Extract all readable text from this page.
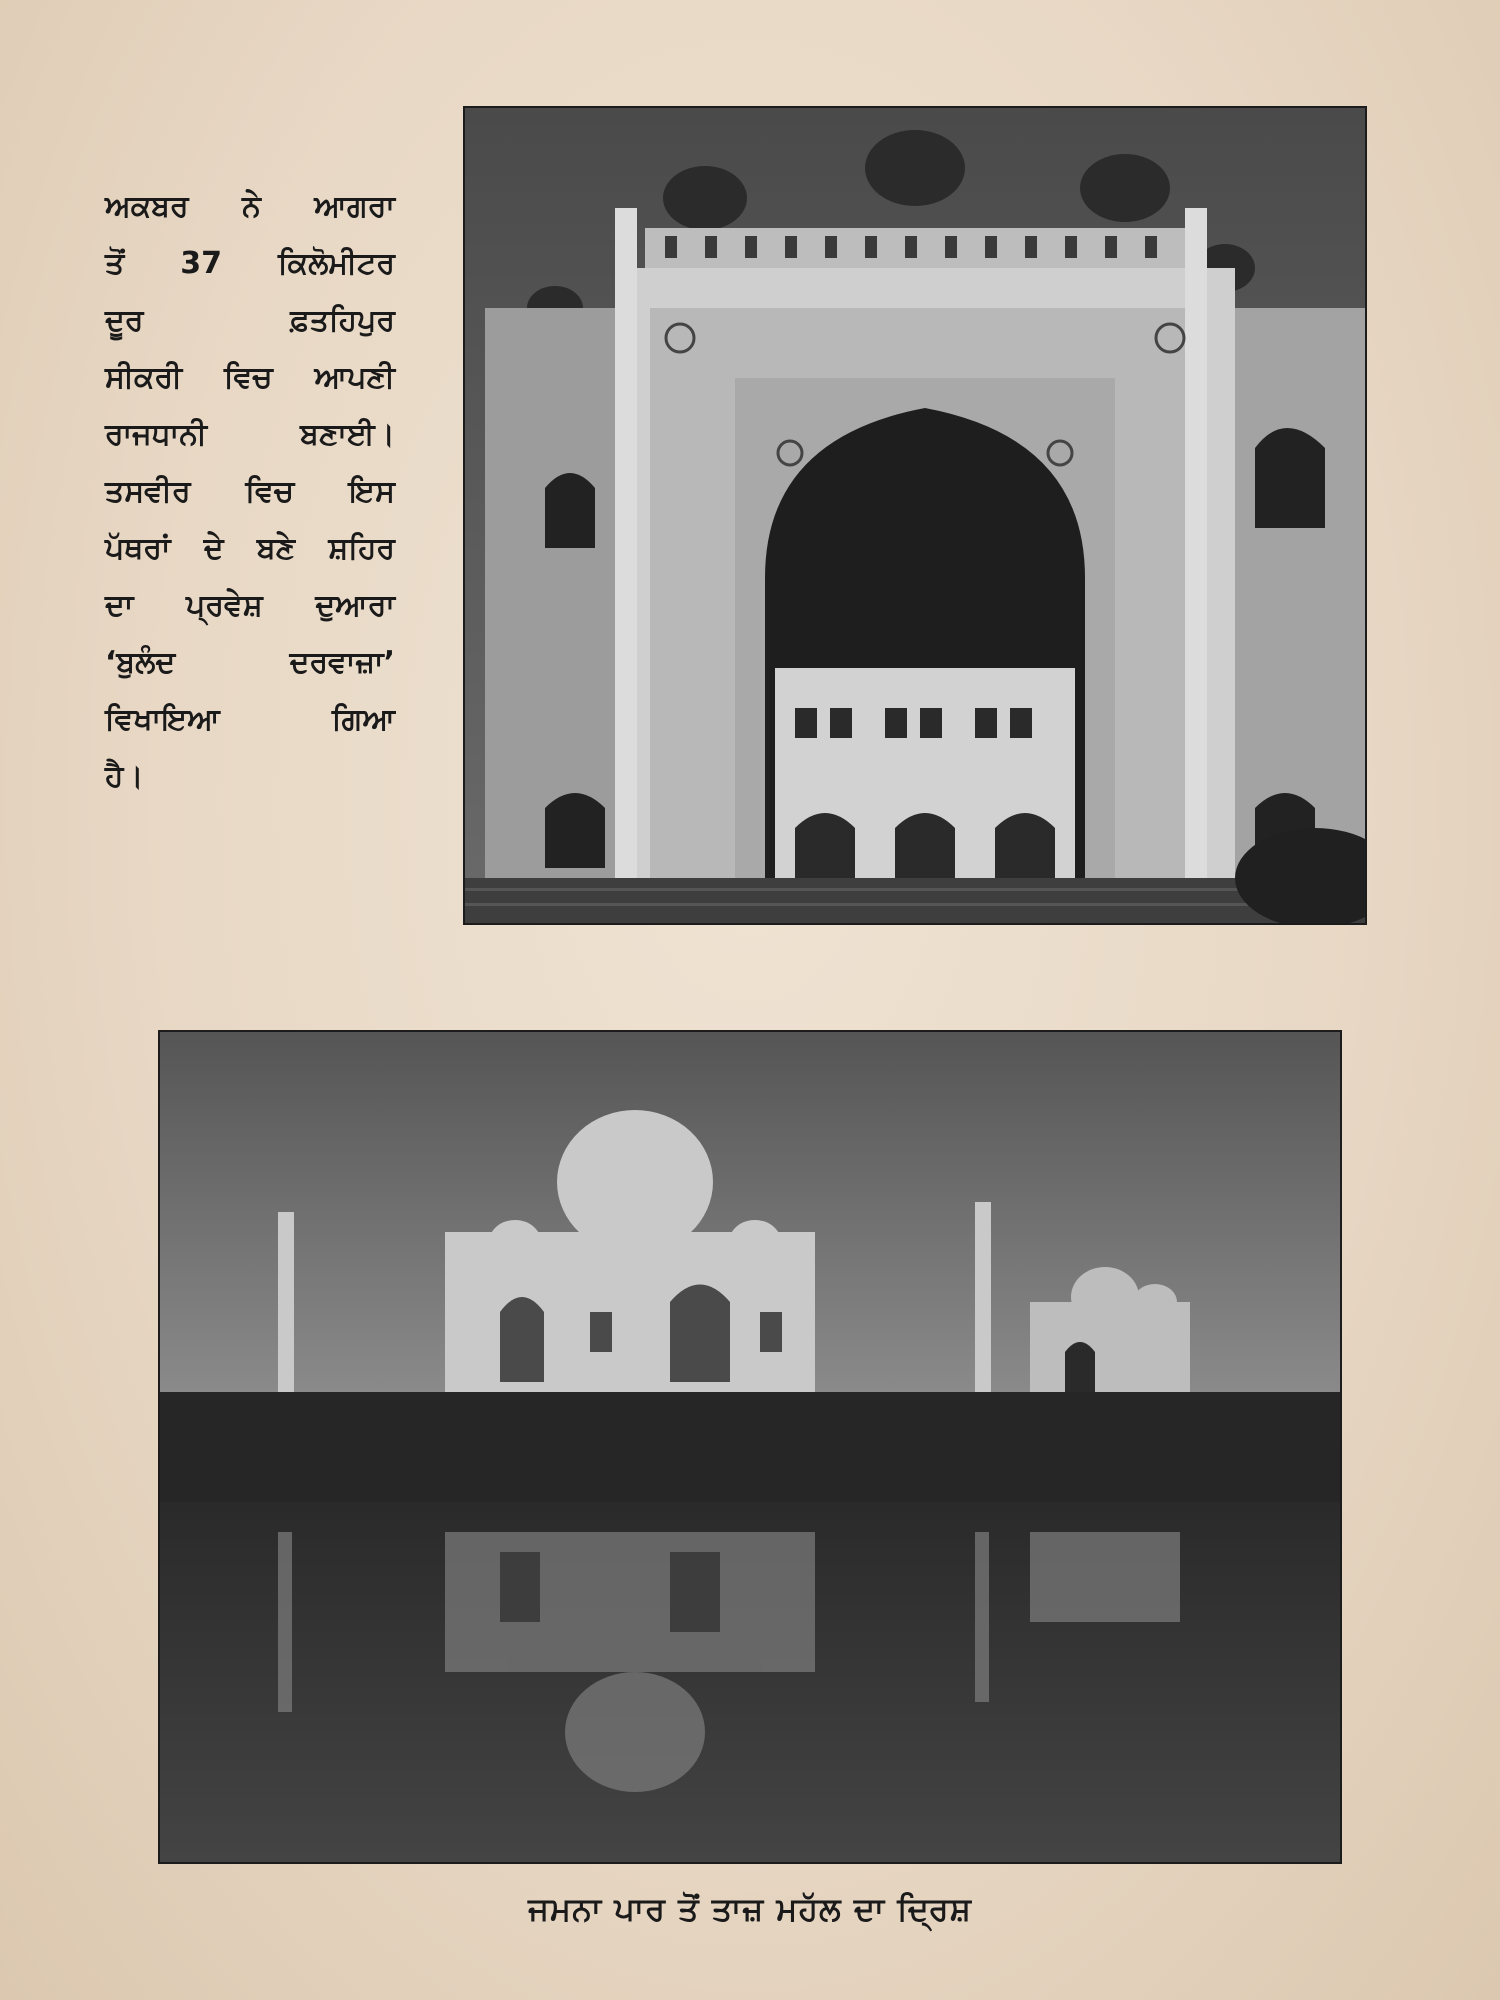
ਅਕਬਰ ਨੇ ਆਗਰਾ
ਤੋਂ 37 ਕਿਲੋਮੀਟਰ
ਦੂਰ ਫ਼ਤਹਿਪੁਰ
ਸੀਕਰੀ ਵਿਚ ਆਪਣੀ
ਰਾਜਧਾਨੀ ਬਣਾਈ।
ਤਸਵੀਰ ਵਿਚ ਇਸ
ਪੱਥਰਾਂ ਦੇ ਬਣੇ ਸ਼ਹਿਰ
ਦਾ ਪ੍ਰਵੇਸ਼ ਦੁਆਰਾ
‘ਬੁਲੰਦ ਦਰਵਾਜ਼ਾ’
ਵਿਖਾਇਆ ਗਿਆ
ਹੈ।
ਜਮਨਾ ਪਾਰ ਤੋਂ ਤਾਜ਼ ਮਹੱਲ ਦਾ ਦ੍ਰਿਸ਼
